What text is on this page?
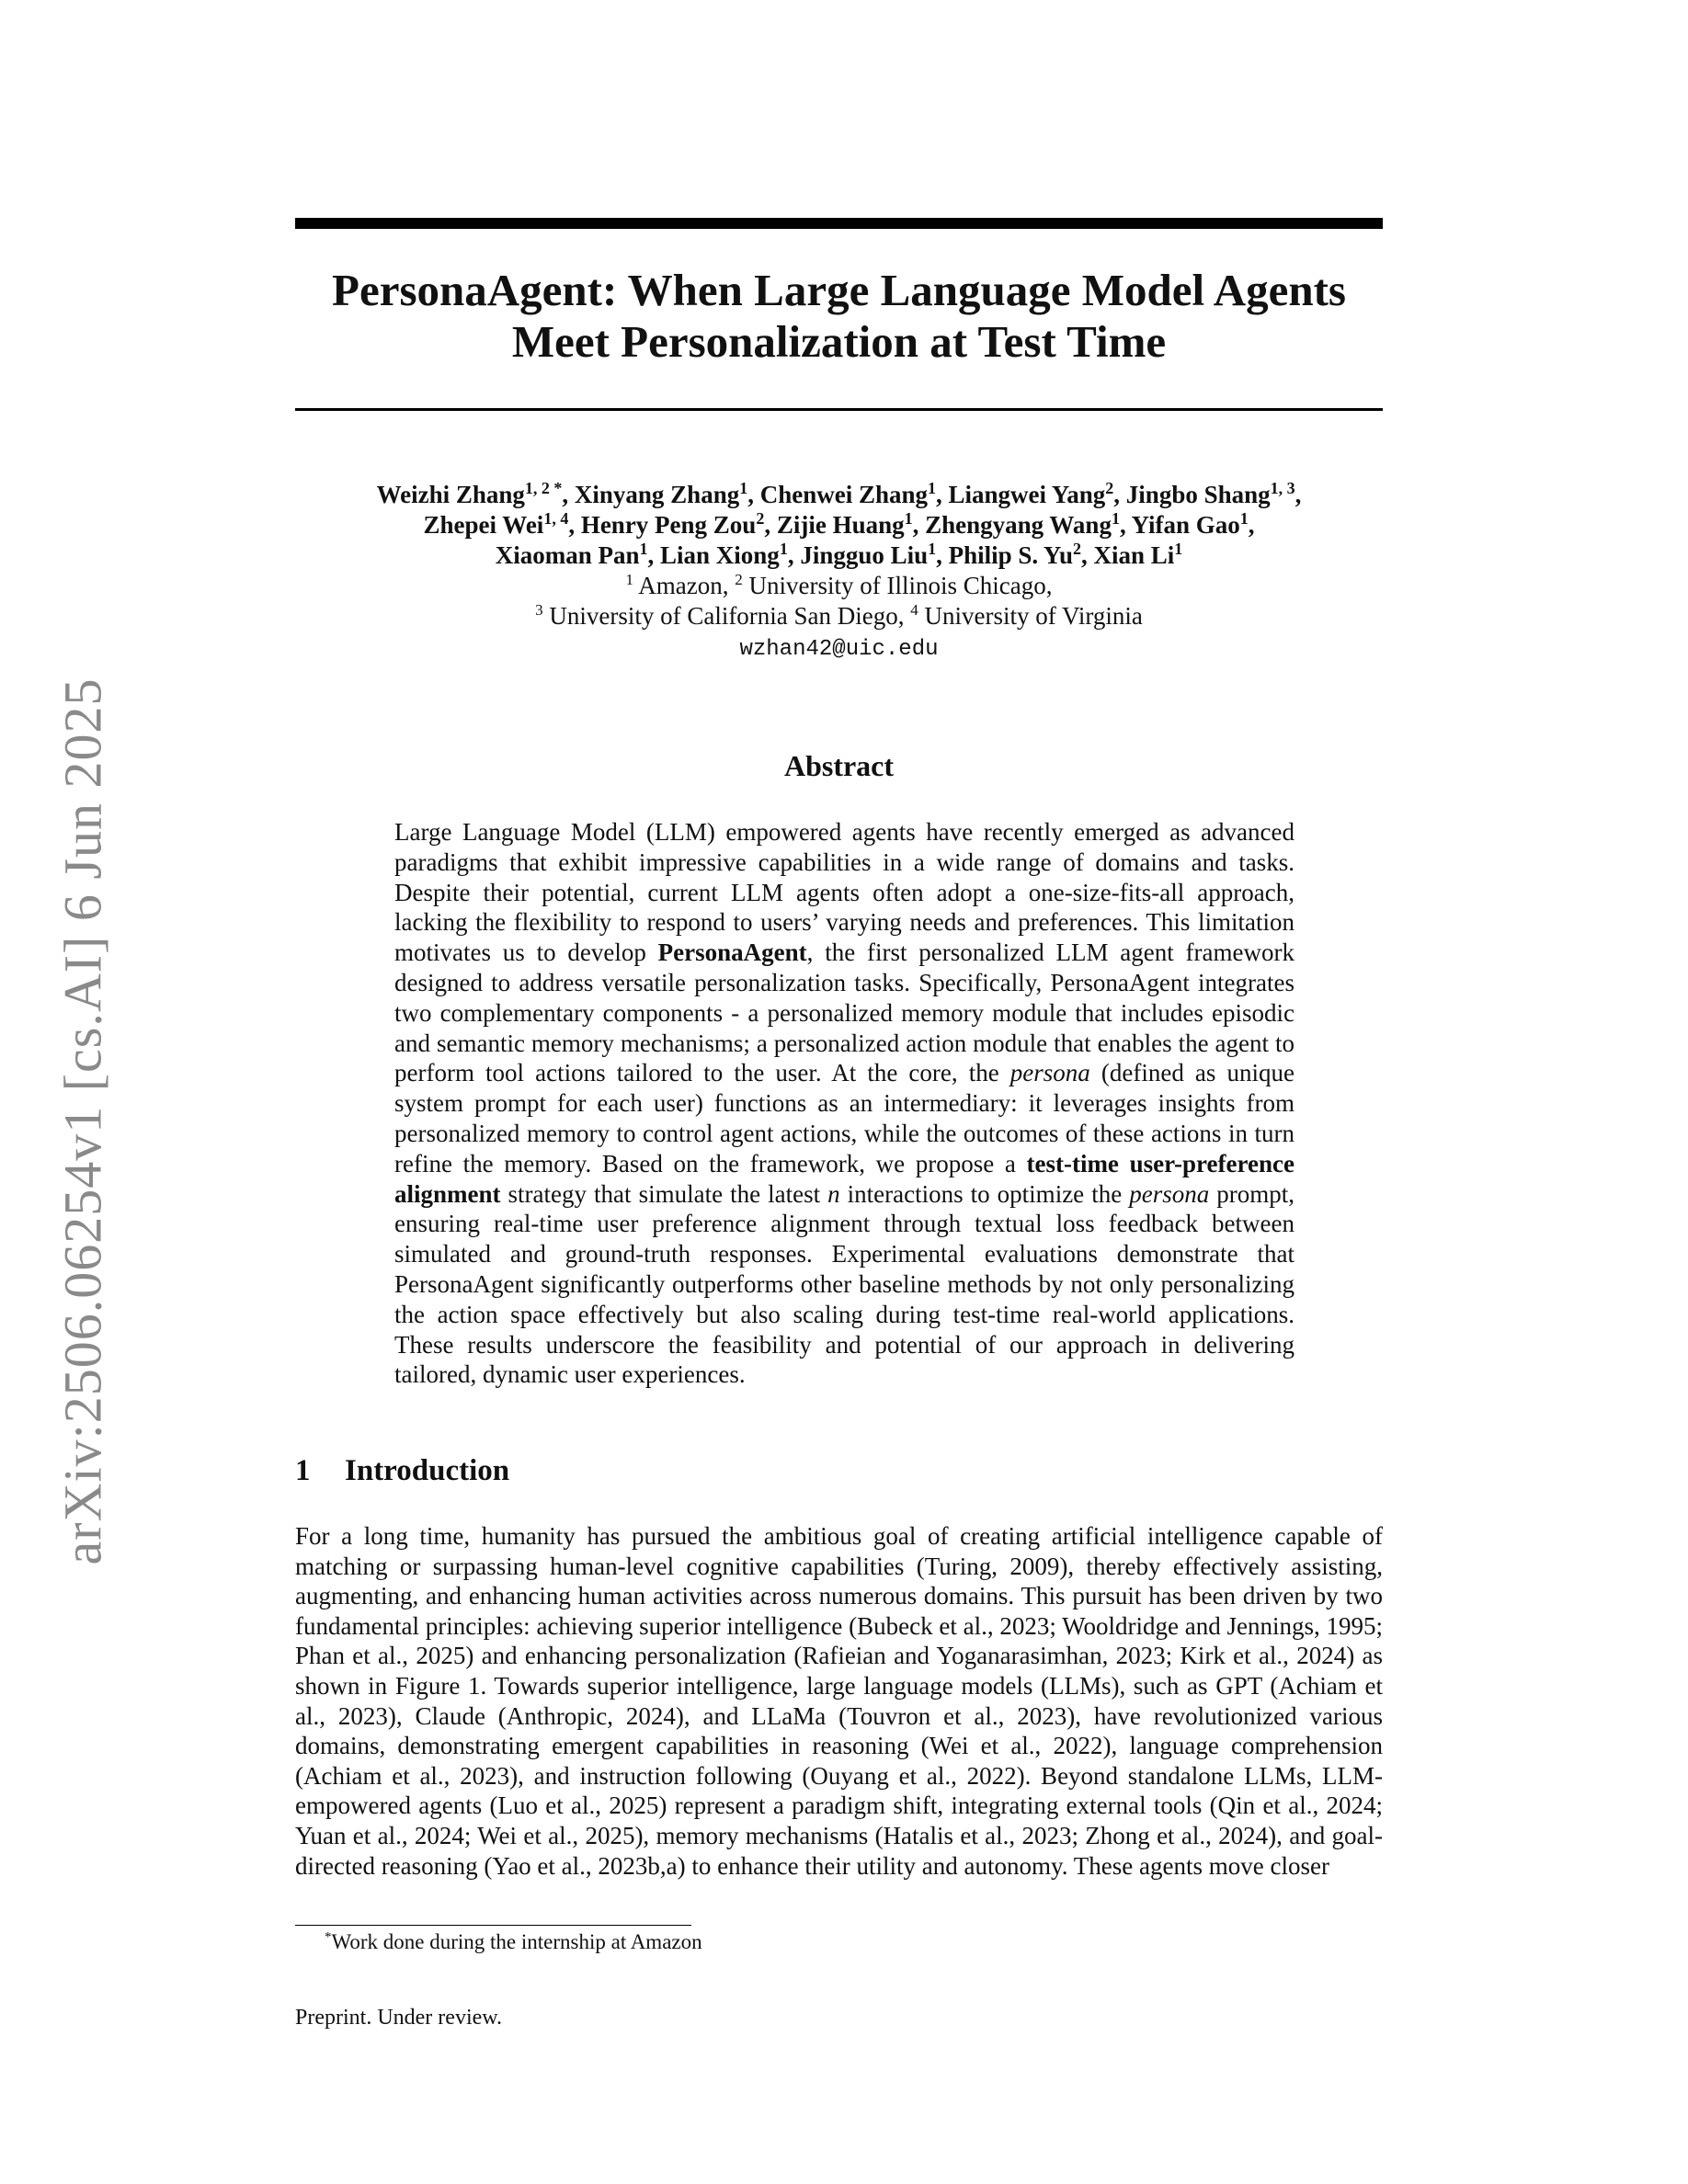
arXiv:2506.06254v1 [cs.AI] 6 Jun 2025
PersonaAgent: When Large Language Model Agents
Meet Personalization at Test Time
Weizhi Zhang$^{1, 2 *}$, Xinyang Zhang$^1$, Chenwei Zhang$^1$, Liangwei Yang$^2$, Jingbo Shang$^{1, 3}$,
Zhepei Wei$^{1, 4}$, Henry Peng Zou$^2$, Zijie Huang$^1$, Zhengyang Wang$^1$, Yifan Gao$^1$,
Xiaoman Pan$^1$, Lian Xiong$^1$, Jingguo Liu$^1$, Philip S. Yu$^2$, Xian Li$^1$
$^1$ Amazon, $^2$ University of Illinois Chicago,
$^3$ University of California San Diego, $^4$ University of Virginia
wzhan42@uic.edu
Abstract
Large Language Model (LLM) empowered agents have recently emerged as advanced paradigms that exhibit impressive capabilities in a wide range of domains and tasks. Despite their potential, current LLM agents often adopt a one-size-fits-all approach, lacking the flexibility to respond to users’ varying needs and preferences. This limitation motivates us to develop PersonaAgent, the first personalized LLM agent framework designed to address versatile personalization tasks. Specifically, PersonaAgent integrates two complementary components - a personalized memory module that includes episodic and semantic memory mechanisms; a personalized action module that enables the agent to perform tool actions tailored to the user. At the core, the persona (defined as unique system prompt for each user) functions as an intermediary: it leverages insights from personalized memory to control agent actions, while the outcomes of these actions in turn refine the memory. Based on the framework, we propose a test-time user-preference alignment strategy that simulate the latest n interactions to optimize the persona prompt, ensuring real-time user preference alignment through textual loss feedback between simulated and ground-truth responses. Experimental evaluations demonstrate that PersonaAgent significantly outperforms other baseline methods by not only personalizing the action space effectively but also scaling during test-time real-world applications. These results underscore the feasibility and potential of our approach in delivering tailored, dynamic user experiences.
1 Introduction
For a long time, humanity has pursued the ambitious goal of creating artificial intelligence capable of matching or surpassing human-level cognitive capabilities (Turing, 2009), thereby effectively assisting, augmenting, and enhancing human activities across numerous domains. This pursuit has been driven by two fundamental principles: achieving superior intelligence (Bubeck et al., 2023; Wooldridge and Jennings, 1995; Phan et al., 2025) and enhancing personalization (Rafieian and Yoganarasimhan, 2023; Kirk et al., 2024) as shown in Figure 1. Towards superior intelligence, large language models (LLMs), such as GPT (Achiam et al., 2023), Claude (Anthropic, 2024), and LLaMa (Touvron et al., 2023), have revolutionized various domains, demonstrating emergent capabilities in reasoning (Wei et al., 2022), language comprehension (Achiam et al., 2023), and instruction following (Ouyang et al., 2022). Beyond standalone LLMs, LLM-empowered agents (Luo et al., 2025) represent a paradigm shift, integrating external tools (Qin et al., 2024; Yuan et al., 2024; Wei et al., 2025), memory mechanisms (Hatalis et al., 2023; Zhong et al., 2024), and goal-directed reasoning (Yao et al., 2023b,a) to enhance their utility and autonomy. These agents move closer
*Work done during the internship at Amazon
Preprint. Under review.
